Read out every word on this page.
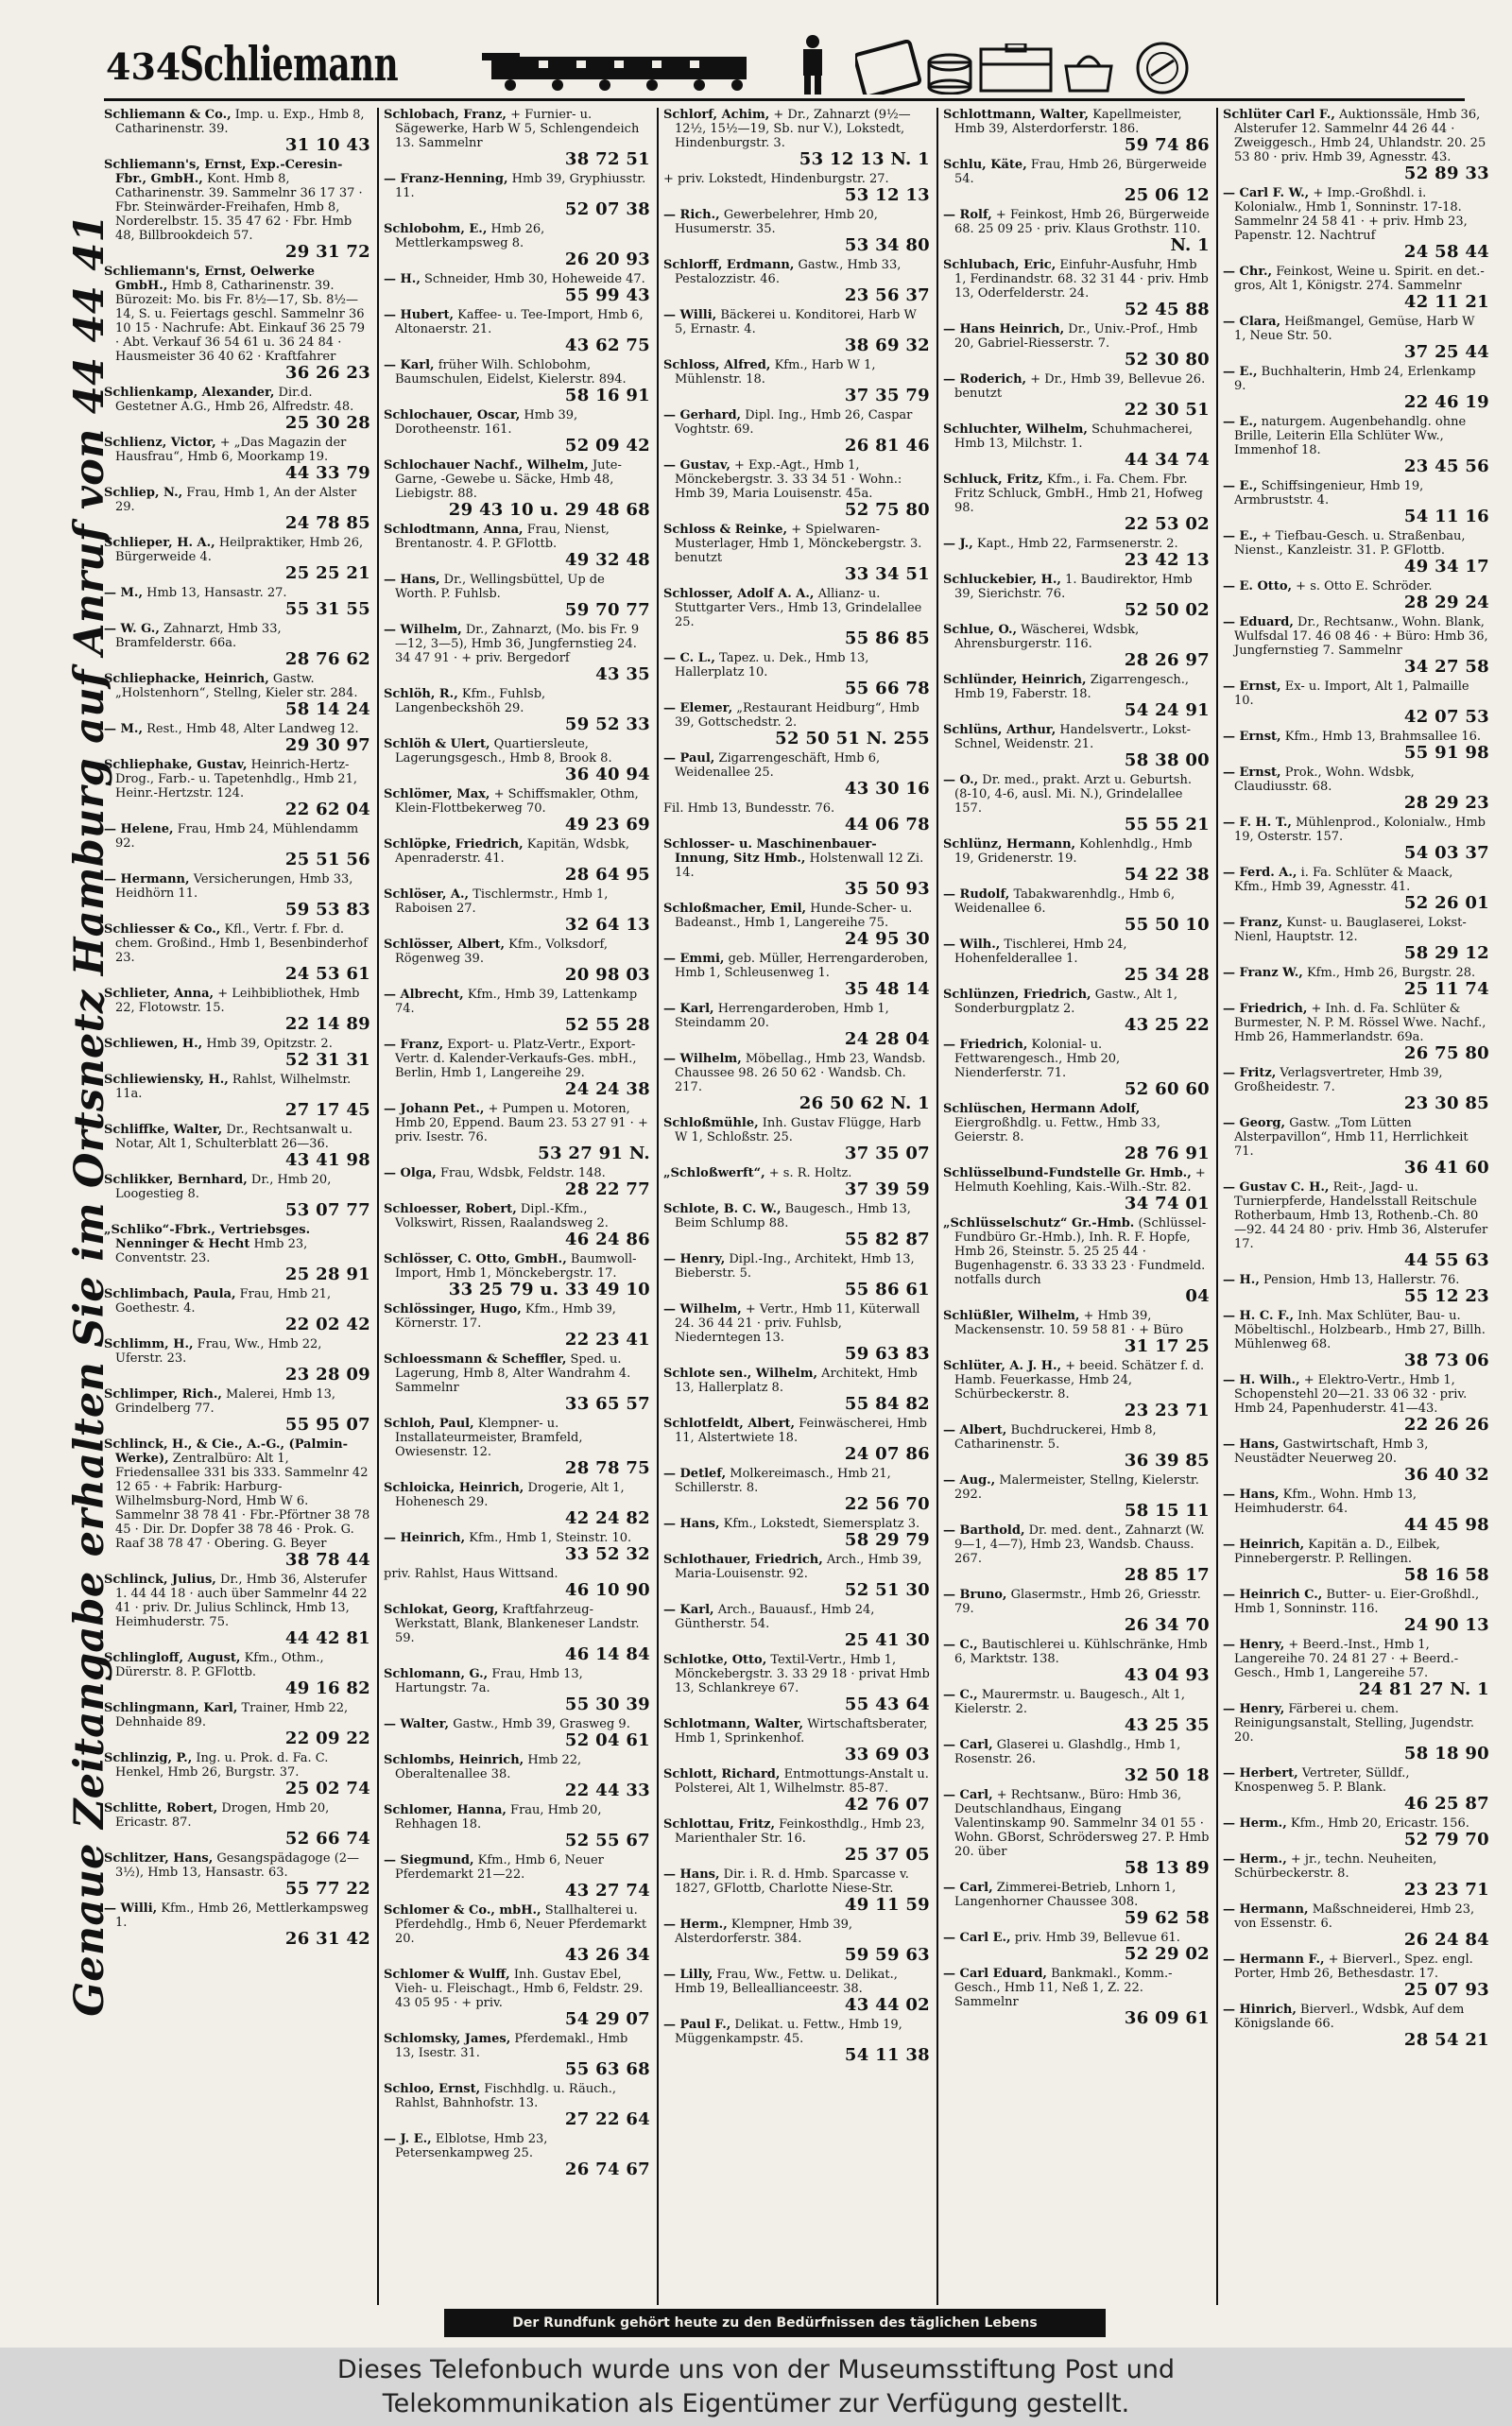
434
Schliemann
Genaue Zeitangabe erhalten Sie im Ortsnetz Hamburg auf Anruf von 44 44 41
Schliemann & Co., Imp. u. Exp., Hmb 8, Catharinenstr. 39.
31 10 43
Schliemann's, Ernst, Exp.-Ceresin-Fbr., GmbH., Kont. Hmb 8, Catharinenstr. 39. Sammelnr 36 17 37 · Fbr. Steinwärder-Freihafen, Hmb 8, Norderelbstr. 15. 35 47 62 · Fbr. Hmb 48, Billbrookdeich 57.
29 31 72
Schliemann's, Ernst, Oelwerke GmbH., Hmb 8, Catharinenstr. 39. Bürozeit: Mo. bis Fr. 8½—17, Sb. 8½—14, S. u. Feiertags geschl. Sammelnr 36 10 15 · Nachrufe: Abt. Einkauf 36 25 79 · Abt. Verkauf 36 54 61 u. 36 24 84 · Hausmeister 36 40 62 · Kraftfahrer
36 26 23
Schlienkamp, Alexander, Dir.d. Gestetner A.G., Hmb 26, Alfredstr. 48.
25 30 28
Schlienz, Victor, + „Das Magazin der Hausfrau“, Hmb 6, Moorkamp 19.
44 33 79
Schliep, N., Frau, Hmb 1, An der Alster 29.
24 78 85
Schlieper, H. A., Heilpraktiker, Hmb 26, Bürgerweide 4.
25 25 21
— M., Hmb 13, Hansastr. 27.
55 31 55
— W. G., Zahnarzt, Hmb 33, Bramfelderstr. 66a.
28 76 62
Schliephacke, Heinrich, Gastw. „Holstenhorn“, Stellng, Kieler str. 284.
58 14 24
— M., Rest., Hmb 48, Alter Landweg 12.
29 30 97
Schliephake, Gustav, Heinrich-Hertz-Drog., Farb.- u. Tapetenhdlg., Hmb 21, Heinr.-Hertzstr. 124.
22 62 04
— Helene, Frau, Hmb 24, Mühlendamm 92.
25 51 56
— Hermann, Versicherungen, Hmb 33, Heidhörn 11.
59 53 83
Schliesser & Co., Kfl., Vertr. f. Fbr. d. chem. Großind., Hmb 1, Besenbinderhof 23.
24 53 61
Schlieter, Anna, + Leihbibliothek, Hmb 22, Flotowstr. 15.
22 14 89
Schliewen, H., Hmb 39, Opitzstr. 2.
52 31 31
Schliewiensky, H., Rahlst, Wilhelmstr. 11a.
27 17 45
Schliffke, Walter, Dr., Rechtsanwalt u. Notar, Alt 1, Schulterblatt 26—36.
43 41 98
Schlikker, Bernhard, Dr., Hmb 20, Loogestieg 8.
53 07 77
„Schliko“-Fbrk., Vertriebsges. Nenninger & Hecht Hmb 23, Conventstr. 23.
25 28 91
Schlimbach, Paula, Frau, Hmb 21, Goethestr. 4.
22 02 42
Schlimm, H., Frau, Ww., Hmb 22, Uferstr. 23.
23 28 09
Schlimper, Rich., Malerei, Hmb 13, Grindelberg 77.
55 95 07
Schlinck, H., & Cie., A.-G., (Palmin-Werke), Zentralbüro: Alt 1, Friedensallee 331 bis 333. Sammelnr 42 12 65 · + Fabrik: Harburg-Wilhelmsburg-Nord, Hmb W 6. Sammelnr 38 78 41 · Fbr.-Pförtner 38 78 45 · Dir. Dr. Dopfer 38 78 46 · Prok. G. Raaf 38 78 47 · Obering. G. Beyer
38 78 44
Schlinck, Julius, Dr., Hmb 36, Alsterufer 1. 44 44 18 · auch über Sammelnr 44 22 41 · priv. Dr. Julius Schlinck, Hmb 13, Heimhuderstr. 75.
44 42 81
Schlingloff, August, Kfm., Othm., Dürerstr. 8. P. GFlottb.
49 16 82
Schlingmann, Karl, Trainer, Hmb 22, Dehnhaide 89.
22 09 22
Schlinzig, P., Ing. u. Prok. d. Fa. C. Henkel, Hmb 26, Burgstr. 37.
25 02 74
Schlitte, Robert, Drogen, Hmb 20, Ericastr. 87.
52 66 74
Schlitzer, Hans, Gesangspädagoge (2—3½), Hmb 13, Hansastr. 63.
55 77 22
— Willi, Kfm., Hmb 26, Mettlerkampsweg 1.
26 31 42
Schlobach, Franz, + Furnier- u. Sägewerke, Harb W 5, Schlengendeich 13. Sammelnr
38 72 51
— Franz-Henning, Hmb 39, Gryphiusstr. 11.
52 07 38
Schlobohm, E., Hmb 26, Mettlerkampsweg 8.
26 20 93
— H., Schneider, Hmb 30, Hoheweide 47.
55 99 43
— Hubert, Kaffee- u. Tee-Import, Hmb 6, Altonaerstr. 21.
43 62 75
— Karl, früher Wilh. Schlobohm, Baumschulen, Eidelst, Kielerstr. 894.
58 16 91
Schlochauer, Oscar, Hmb 39, Dorotheenstr. 161.
52 09 42
Schlochauer Nachf., Wilhelm, Jute-Garne, -Gewebe u. Säcke, Hmb 48, Liebigstr. 88.
29 43 10 u. 29 48 68
Schlodtmann, Anna, Frau, Nienst, Brentanostr. 4. P. GFlottb.
49 32 48
— Hans, Dr., Wellingsbüttel, Up de Worth. P. Fuhlsb.
59 70 77
— Wilhelm, Dr., Zahnarzt, (Mo. bis Fr. 9—12, 3—5), Hmb 36, Jungfernstieg 24. 34 47 91 · + priv. Bergedorf
43 35
Schlöh, R., Kfm., Fuhlsb, Langenbeckshöh 29.
59 52 33
Schlöh & Ulert, Quartiersleute, Lagerungsgesch., Hmb 8, Brook 8.
36 40 94
Schlömer, Max, + Schiffsmakler, Othm, Klein-Flottbekerweg 70.
49 23 69
Schlöpke, Friedrich, Kapitän, Wdsbk, Apenraderstr. 41.
28 64 95
Schlöser, A., Tischlermstr., Hmb 1, Raboisen 27.
32 64 13
Schlösser, Albert, Kfm., Volksdorf, Rögenweg 39.
20 98 03
— Albrecht, Kfm., Hmb 39, Lattenkamp 74.
52 55 28
— Franz, Export- u. Platz-Vertr., Export-Vertr. d. Kalender-Verkaufs-Ges. mbH., Berlin, Hmb 1, Langereihe 29.
24 24 38
— Johann Pet., + Pumpen u. Motoren, Hmb 20, Eppend. Baum 23. 53 27 91 · + priv. Isestr. 76.
53 27 91 N.
— Olga, Frau, Wdsbk, Feldstr. 148.
28 22 77
Schloesser, Robert, Dipl.-Kfm., Volkswirt, Rissen, Raalandsweg 2.
46 24 86
Schlösser, C. Otto, GmbH., Baumwoll-Import, Hmb 1, Mönckebergstr. 17.
33 25 79 u. 33 49 10
Schlössinger, Hugo, Kfm., Hmb 39, Körnerstr. 17.
22 23 41
Schloessmann & Scheffler, Sped. u. Lagerung, Hmb 8, Alter Wandrahm 4. Sammelnr
33 65 57
Schloh, Paul, Klempner- u. Installateurmeister, Bramfeld, Owiesenstr. 12.
28 78 75
Schloicka, Heinrich, Drogerie, Alt 1, Hohenesch 29.
42 24 82
— Heinrich, Kfm., Hmb 1, Steinstr. 10.
33 52 32
priv. Rahlst, Haus Wittsand.
46 10 90
Schlokat, Georg, Kraftfahrzeug-Werkstatt, Blank, Blankeneser Landstr. 59.
46 14 84
Schlomann, G., Frau, Hmb 13, Hartungstr. 7a.
55 30 39
— Walter, Gastw., Hmb 39, Grasweg 9.
52 04 61
Schlombs, Heinrich, Hmb 22, Oberaltenallee 38.
22 44 33
Schlomer, Hanna, Frau, Hmb 20, Rehhagen 18.
52 55 67
— Siegmund, Kfm., Hmb 6, Neuer Pferdemarkt 21—22.
43 27 74
Schlomer & Co., mbH., Stallhalterei u. Pferdehdlg., Hmb 6, Neuer Pferdemarkt 20.
43 26 34
Schlomer & Wulff, Inh. Gustav Ebel, Vieh- u. Fleischagt., Hmb 6, Feldstr. 29. 43 05 95 · + priv.
54 29 07
Schlomsky, James, Pferdemakl., Hmb 13, Isestr. 31.
55 63 68
Schloo, Ernst, Fischhdlg. u. Räuch., Rahlst, Bahnhofstr. 13.
27 22 64
— J. E., Elblotse, Hmb 23, Petersenkampweg 25.
26 74 67
Schlorf, Achim, + Dr., Zahnarzt (9½—12½, 15½—19, Sb. nur V.), Lokstedt, Hindenburgstr. 3.
53 12 13 N. 1
+ priv. Lokstedt, Hindenburgstr. 27.
53 12 13
— Rich., Gewerbelehrer, Hmb 20, Husumerstr. 35.
53 34 80
Schlorff, Erdmann, Gastw., Hmb 33, Pestalozzistr. 46.
23 56 37
— Willi, Bäckerei u. Konditorei, Harb W 5, Ernastr. 4.
38 69 32
Schloss, Alfred, Kfm., Harb W 1, Mühlenstr. 18.
37 35 79
— Gerhard, Dipl. Ing., Hmb 26, Caspar Voghtstr. 69.
26 81 46
— Gustav, + Exp.-Agt., Hmb 1, Mönckebergstr. 3. 33 34 51 · Wohn.: Hmb 39, Maria Louisenstr. 45a.
52 75 80
Schloss & Reinke, + Spielwaren-Musterlager, Hmb 1, Mönckebergstr. 3. benutzt
33 34 51
Schlosser, Adolf A. A., Allianz- u. Stuttgarter Vers., Hmb 13, Grindelallee 25.
55 86 85
— C. L., Tapez. u. Dek., Hmb 13, Hallerplatz 10.
55 66 78
— Elemer, „Restaurant Heidburg“, Hmb 39, Gottschedstr. 2.
52 50 51 N. 255
— Paul, Zigarrengeschäft, Hmb 6, Weidenallee 25.
43 30 16
Fil. Hmb 13, Bundesstr. 76.
44 06 78
Schlosser- u. Maschinenbauer-Innung, Sitz Hmb., Holstenwall 12 Zi. 14.
35 50 93
Schloßmacher, Emil, Hunde-Scher- u. Badeanst., Hmb 1, Langereihe 75.
24 95 30
— Emmi, geb. Müller, Herrengarderoben, Hmb 1, Schleusenweg 1.
35 48 14
— Karl, Herrengarderoben, Hmb 1, Steindamm 20.
24 28 04
— Wilhelm, Möbellag., Hmb 23, Wandsb. Chaussee 98. 26 50 62 · Wandsb. Ch. 217.
26 50 62 N. 1
Schloßmühle, Inh. Gustav Flügge, Harb W 1, Schloßstr. 25.
37 35 07
„Schloßwerft“, + s. R. Holtz.
37 39 59
Schlote, B. C. W., Baugesch., Hmb 13, Beim Schlump 88.
55 82 87
— Henry, Dipl.-Ing., Architekt, Hmb 13, Bieberstr. 5.
55 86 61
— Wilhelm, + Vertr., Hmb 11, Küterwall 24. 36 44 21 · priv. Fuhlsb, Niederntegen 13.
59 63 83
Schlote sen., Wilhelm, Architekt, Hmb 13, Hallerplatz 8.
55 84 82
Schlotfeldt, Albert, Feinwäscherei, Hmb 11, Alstertwiete 18.
24 07 86
— Detlef, Molkereimasch., Hmb 21, Schillerstr. 8.
22 56 70
— Hans, Kfm., Lokstedt, Siemersplatz 3.
58 29 79
Schlothauer, Friedrich, Arch., Hmb 39, Maria-Louisenstr. 92.
52 51 30
— Karl, Arch., Bauausf., Hmb 24, Güntherstr. 54.
25 41 30
Schlotke, Otto, Textil-Vertr., Hmb 1, Mönckebergstr. 3. 33 29 18 · privat Hmb 13, Schlankreye 67.
55 43 64
Schlotmann, Walter, Wirtschaftsberater, Hmb 1, Sprinkenhof.
33 69 03
Schlott, Richard, Entmottungs-Anstalt u. Polsterei, Alt 1, Wilhelmstr. 85-87.
42 76 07
Schlottau, Fritz, Feinkosthdlg., Hmb 23, Marienthaler Str. 16.
25 37 05
— Hans, Dir. i. R. d. Hmb. Sparcasse v. 1827, GFlottb, Charlotte Niese-Str.
49 11 59
— Herm., Klempner, Hmb 39, Alsterdorferstr. 384.
59 59 63
— Lilly, Frau, Ww., Fettw. u. Delikat., Hmb 19, Belleallianceestr. 38.
43 44 02
— Paul F., Delikat. u. Fettw., Hmb 19, Müggenkampstr. 45.
54 11 38
Schlottmann, Walter, Kapellmeister, Hmb 39, Alsterdorferstr. 186.
59 74 86
Schlu, Käte, Frau, Hmb 26, Bürgerweide 54.
25 06 12
— Rolf, + Feinkost, Hmb 26, Bürgerweide 68. 25 09 25 · priv. Klaus Grothstr. 110.
N. 1
Schlubach, Eric, Einfuhr-Ausfuhr, Hmb 1, Ferdinandstr. 68. 32 31 44 · priv. Hmb 13, Oderfelderstr. 24.
52 45 88
— Hans Heinrich, Dr., Univ.-Prof., Hmb 20, Gabriel-Riesserstr. 7.
52 30 80
— Roderich, + Dr., Hmb 39, Bellevue 26. benutzt
22 30 51
Schluchter, Wilhelm, Schuhmacherei, Hmb 13, Milchstr. 1.
44 34 74
Schluck, Fritz, Kfm., i. Fa. Chem. Fbr. Fritz Schluck, GmbH., Hmb 21, Hofweg 98.
22 53 02
— J., Kapt., Hmb 22, Farmsenerstr. 2.
23 42 13
Schluckebier, H., 1. Baudirektor, Hmb 39, Sierichstr. 76.
52 50 02
Schlue, O., Wäscherei, Wdsbk, Ahrensburgerstr. 116.
28 26 97
Schlünder, Heinrich, Zigarrengesch., Hmb 19, Faberstr. 18.
54 24 91
Schlüns, Arthur, Handelsvertr., Lokst-Schnel, Weidenstr. 21.
58 38 00
— O., Dr. med., prakt. Arzt u. Geburtsh. (8-10, 4-6, ausl. Mi. N.), Grindelallee 157.
55 55 21
Schlünz, Hermann, Kohlenhdlg., Hmb 19, Gridenerstr. 19.
54 22 38
— Rudolf, Tabakwarenhdlg., Hmb 6, Weidenallee 6.
55 50 10
— Wilh., Tischlerei, Hmb 24, Hohenfelderallee 1.
25 34 28
Schlünzen, Friedrich, Gastw., Alt 1, Sonderburgplatz 2.
43 25 22
— Friedrich, Kolonial- u. Fettwarengesch., Hmb 20, Nienderferstr. 71.
52 60 60
Schlüschen, Hermann Adolf, Eiergroßhdlg. u. Fettw., Hmb 33, Geierstr. 8.
28 76 91
Schlüsselbund-Fundstelle Gr. Hmb., + Helmuth Koehling, Kais.-Wilh.-Str. 82.
34 74 01
„Schlüsselschutz“ Gr.-Hmb. (Schlüssel-Fundbüro Gr.-Hmb.), Inh. R. F. Hopfe, Hmb 26, Steinstr. 5. 25 25 44 · Bugenhagenstr. 6. 33 33 23 · Fundmeld. notfalls durch
04
Schlüßler, Wilhelm, + Hmb 39, Mackensenstr. 10. 59 58 81 · + Büro
31 17 25
Schlüter, A. J. H., + beeid. Schätzer f. d. Hamb. Feuerkasse, Hmb 24, Schürbeckerstr. 8.
23 23 71
— Albert, Buchdruckerei, Hmb 8, Catharinenstr. 5.
36 39 85
— Aug., Malermeister, Stellng, Kielerstr. 292.
58 15 11
— Barthold, Dr. med. dent., Zahnarzt (W. 9—1, 4—7), Hmb 23, Wandsb. Chauss. 267.
28 85 17
— Bruno, Glasermstr., Hmb 26, Griesstr. 79.
26 34 70
— C., Bautischlerei u. Kühlschränke, Hmb 6, Marktstr. 138.
43 04 93
— C., Maurermstr. u. Baugesch., Alt 1, Kielerstr. 2.
43 25 35
— Carl, Glaserei u. Glashdlg., Hmb 1, Rosenstr. 26.
32 50 18
— Carl, + Rechtsanw., Büro: Hmb 36, Deutschlandhaus, Eingang Valentinskamp 90. Sammelnr 34 01 55 · Wohn. GBorst, Schrödersweg 27. P. Hmb 20. über
58 13 89
— Carl, Zimmerei-Betrieb, Lnhorn 1, Langenhorner Chaussee 308.
59 62 58
— Carl E., priv. Hmb 39, Bellevue 61.
52 29 02
— Carl Eduard, Bankmakl., Komm.-Gesch., Hmb 11, Neß 1, Z. 22. Sammelnr
36 09 61
Schlüter Carl F., Auktionssäle, Hmb 36, Alsterufer 12. Sammelnr 44 26 44 · Zweiggesch., Hmb 24, Uhlandstr. 20. 25 53 80 · priv. Hmb 39, Agnesstr. 43.
52 89 33
— Carl F. W., + Imp.-Großhdl. i. Kolonialw., Hmb 1, Sonninstr. 17-18. Sammelnr 24 58 41 · + priv. Hmb 23, Papenstr. 12. Nachtruf
24 58 44
— Chr., Feinkost, Weine u. Spirit. en det.-gros, Alt 1, Königstr. 274. Sammelnr
42 11 21
— Clara, Heißmangel, Gemüse, Harb W 1, Neue Str. 50.
37 25 44
— E., Buchhalterin, Hmb 24, Erlenkamp 9.
22 46 19
— E., naturgem. Augenbehandlg. ohne Brille, Leiterin Ella Schlüter Ww., Immenhof 18.
23 45 56
— E., Schiffsingenieur, Hmb 19, Armbruststr. 4.
54 11 16
— E., + Tiefbau-Gesch. u. Straßenbau, Nienst., Kanzleistr. 31. P. GFlottb.
49 34 17
— E. Otto, + s. Otto E. Schröder.
28 29 24
— Eduard, Dr., Rechtsanw., Wohn. Blank, Wulfsdal 17. 46 08 46 · + Büro: Hmb 36, Jungfernstieg 7. Sammelnr
34 27 58
— Ernst, Ex- u. Import, Alt 1, Palmaille 10.
42 07 53
— Ernst, Kfm., Hmb 13, Brahmsallee 16.
55 91 98
— Ernst, Prok., Wohn. Wdsbk, Claudiusstr. 68.
28 29 23
— F. H. T., Mühlenprod., Kolonialw., Hmb 19, Osterstr. 157.
54 03 37
— Ferd. A., i. Fa. Schlüter & Maack, Kfm., Hmb 39, Agnesstr. 41.
52 26 01
— Franz, Kunst- u. Bauglaserei, Lokst-Nienl, Hauptstr. 12.
58 29 12
— Franz W., Kfm., Hmb 26, Burgstr. 28.
25 11 74
— Friedrich, + Inh. d. Fa. Schlüter & Burmester, N. P. M. Rössel Wwe. Nachf., Hmb 26, Hammerlandstr. 69a.
26 75 80
— Fritz, Verlagsvertreter, Hmb 39, Großheidestr. 7.
23 30 85
— Georg, Gastw. „Tom Lütten Alsterpavillon“, Hmb 11, Herrlichkeit 71.
36 41 60
— Gustav C. H., Reit-, Jagd- u. Turnierpferde, Handelsstall Reitschule Rotherbaum, Hmb 13, Rothenb.-Ch. 80—92. 44 24 80 · priv. Hmb 36, Alsterufer 17.
44 55 63
— H., Pension, Hmb 13, Hallerstr. 76.
55 12 23
— H. C. F., Inh. Max Schlüter, Bau- u. Möbeltischl., Holzbearb., Hmb 27, Billh. Mühlenweg 68.
38 73 06
— H. Wilh., + Elektro-Vertr., Hmb 1, Schopenstehl 20—21. 33 06 32 · priv. Hmb 24, Papenhuderstr. 41—43.
22 26 26
— Hans, Gastwirtschaft, Hmb 3, Neustädter Neuerweg 20.
36 40 32
— Hans, Kfm., Wohn. Hmb 13, Heimhuderstr. 64.
44 45 98
— Heinrich, Kapitän a. D., Eilbek, Pinnebergerstr. P. Rellingen.
58 16 58
— Heinrich C., Butter- u. Eier-Großhdl., Hmb 1, Sonninstr. 116.
24 90 13
— Henry, + Beerd.-Inst., Hmb 1, Langereihe 70. 24 81 27 · + Beerd.-Gesch., Hmb 1, Langereihe 57.
24 81 27 N. 1
— Henry, Färberei u. chem. Reinigungsanstalt, Stelling, Jugendstr. 20.
58 18 90
— Herbert, Vertreter, Sülldf., Knospenweg 5. P. Blank.
46 25 87
— Herm., Kfm., Hmb 20, Ericastr. 156.
52 79 70
— Herm., + jr., techn. Neuheiten, Schürbeckerstr. 8.
23 23 71
— Hermann, Maßschneiderei, Hmb 23, von Essenstr. 6.
26 24 84
— Hermann F., + Bierverl., Spez. engl. Porter, Hmb 26, Bethesdastr. 17.
25 07 93
— Hinrich, Bierverl., Wdsbk, Auf dem Königslande 66.
28 54 21
Der Rundfunk gehört heute zu den Bedürfnissen des täglichen Lebens
Dieses Telefonbuch wurde uns von der Museumsstiftung Post und
Telekommunikation als Eigentümer zur Verfügung gestellt.
